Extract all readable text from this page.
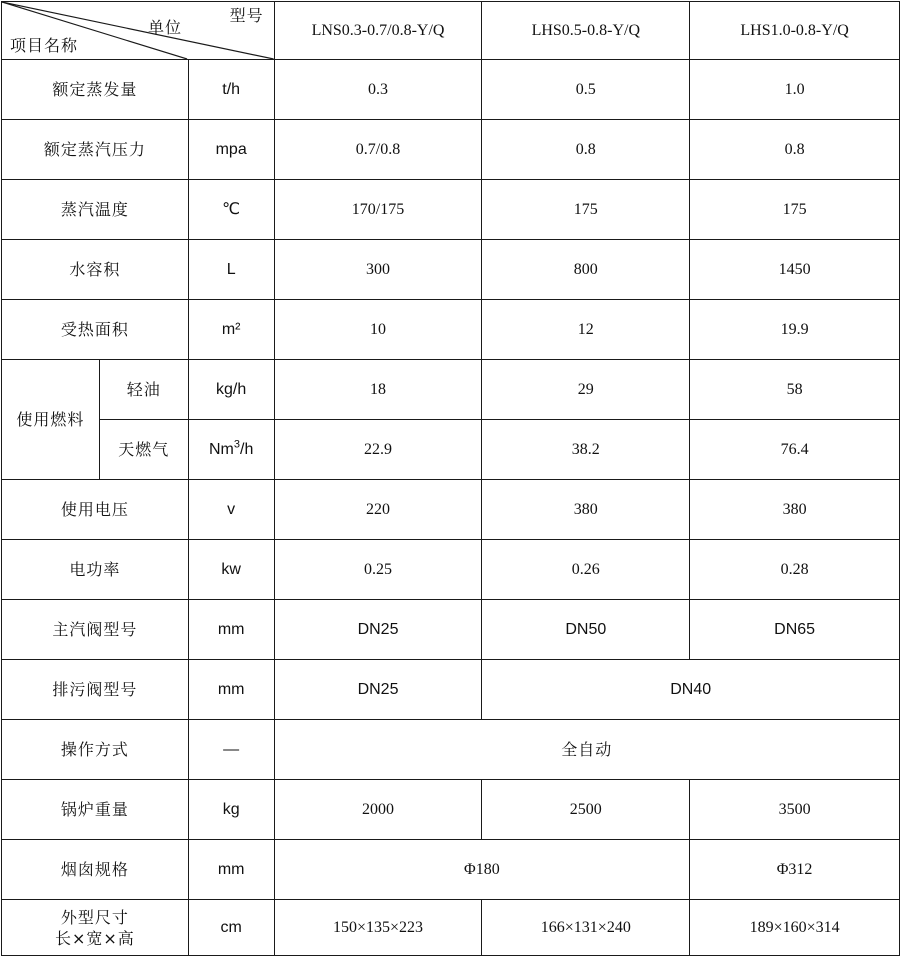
型号
单位
项目名称			LNS0.3-0.7/0.8-Y/Q	LHS0.5-0.8-Y/Q	LHS1.0-0.8-Y/Q
额定蒸发量		t/h	0.3	0.5	1.0
额定蒸汽压力		mpa	0.7/0.8	0.8	0.8
蒸汽温度		℃	170/175	175	175
水容积		L	300	800	1450
受热面积		m²	10	12	19.9
使用燃料	轻油	kg/h	18	29	58
	天燃气	Nm$^3$/h	22.9	38.2	76.4
使用电压		v	220	380	380
电功率		kw	0.25	0.26	0.28
主汽阀型号		mm	DN25	DN50	DN65
排污阀型号		mm	DN25	DN40	
操作方式		—	全自动		
锅炉重量		kg	2000	2500	3500
烟囱规格		mm	Φ180		Φ312

外型尺寸
长×宽×高		cm	150×135×223	166×131×240	189×160×314
